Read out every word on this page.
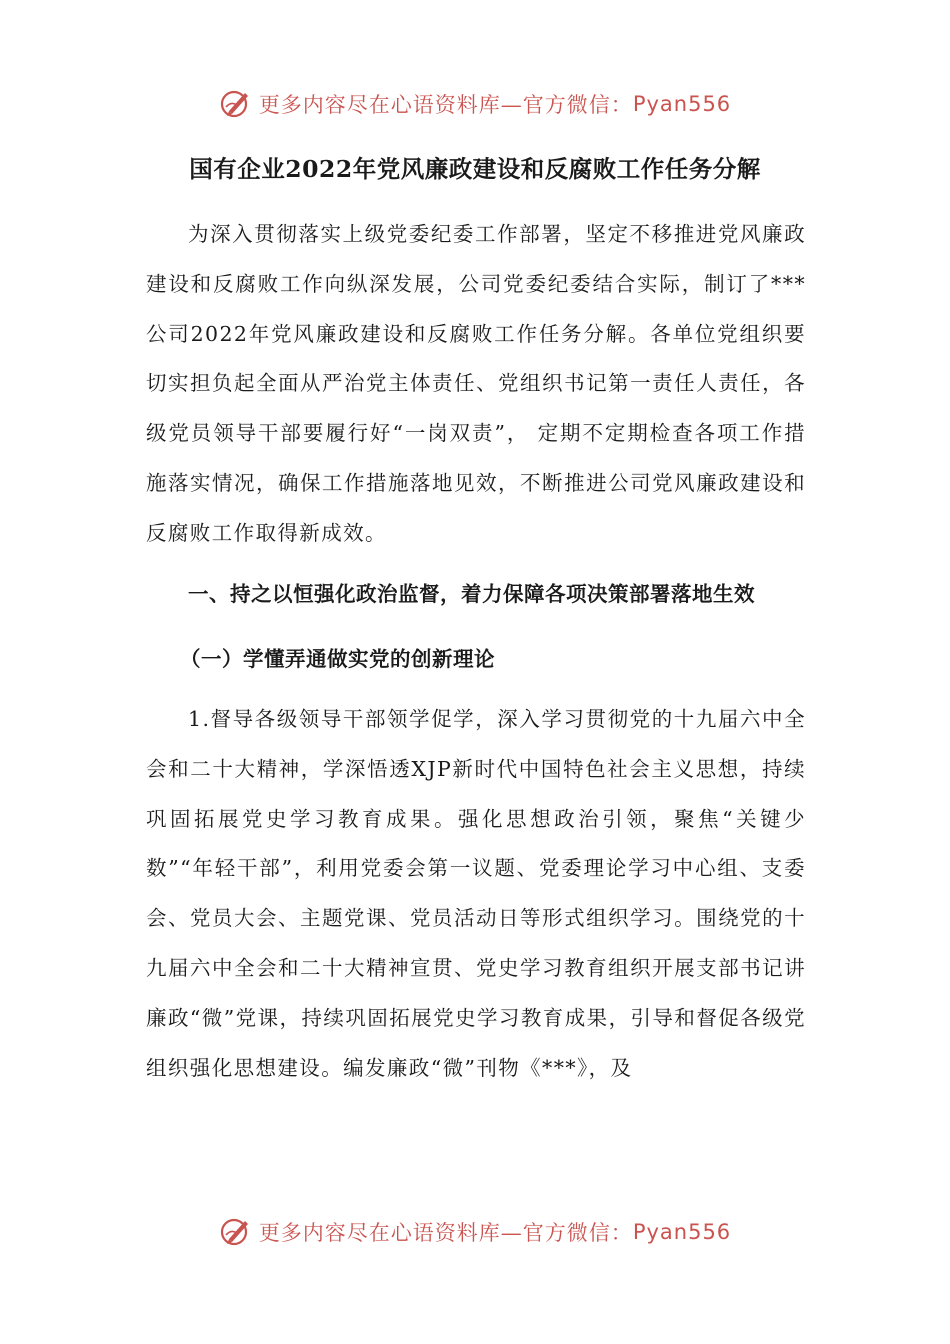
更多内容尽在心语资料库—官方微信： Pyan556
国有企业2022年党风廉政建设和反腐败工作任务分解

为深入贯彻落实上级党委纪委工作部署，坚定不移推进党风廉政建设和反腐败工作向纵深发展，公司党委纪委结合实际，制订了***公司2022年党风廉政建设和反腐败工作任务分解。各单位党组织要切实担负起全面从严治党主体责任、党组织书记第一责任人责任，各级党员领导干部要履行好“一岗双责”， 定期不定期检查各项工作措施落实情况，确保工作措施落地见效，不断推进公司党风廉政建设和反腐败工作取得新成效。

一、持之以恒强化政治监督，着力保障各项决策部署落地生效
（一）学懂弄通做实党的创新理论

1.督导各级领导干部领学促学，深入学习贯彻党的十九届六中全会和二十大精神，学深悟透XJP新时代中国特色社会主义思想，持续巩固拓展党史学习教育成果。强化思想政治引领，聚焦“关键少数”“年轻干部”，利用党委会第一议题、党委理论学习中心组、支委会、党员大会、主题党课、党员活动日等形式组织学习。围绕党的十九届六中全会和二十大精神宣贯、党史学习教育组织开展支部书记讲廉政“微”党课，持续巩固拓展党史学习教育成果，引导和督促各级党组织强化思想建设。编发廉政“微”刊物《***》，及

更多内容尽在心语资料库—官方微信： Pyan556
